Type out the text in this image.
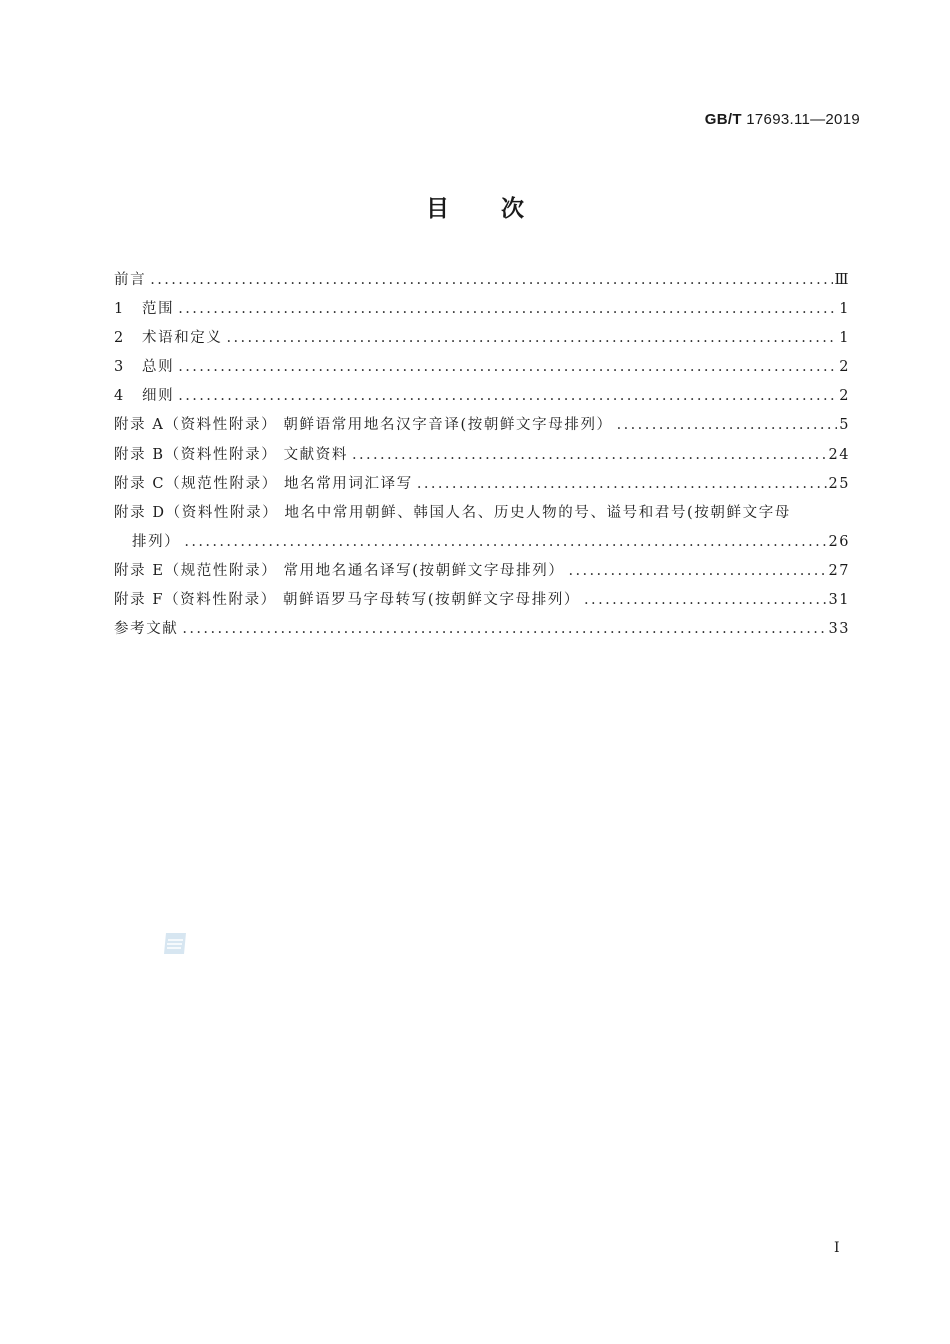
GB/T 17693.11—2019
目 次
前言 .....	Ⅲ
1 范围 .....	1
2 术语和定义 .....	1
3 总则 .....	2
4 细则 .....	2
附录 A（资料性附录） 朝鲜语常用地名汉字音译(按朝鲜文字母排列） .....	5
附录 B（资料性附录） 文献资料 .....	24
附录 C（规范性附录） 地名常用词汇译写 .....	25
附录 D（资料性附录） 地名中常用朝鲜、韩国人名、历史人物的号、谥号和君号(按朝鲜文字母
排列） .....	26
附录 E（规范性附录） 常用地名通名译写(按朝鲜文字母排列） .....	27
附录 F（资料性附录） 朝鲜语罗马字母转写(按朝鲜文字母排列） .....	31
参考文献 .....	33
Ⅰ
